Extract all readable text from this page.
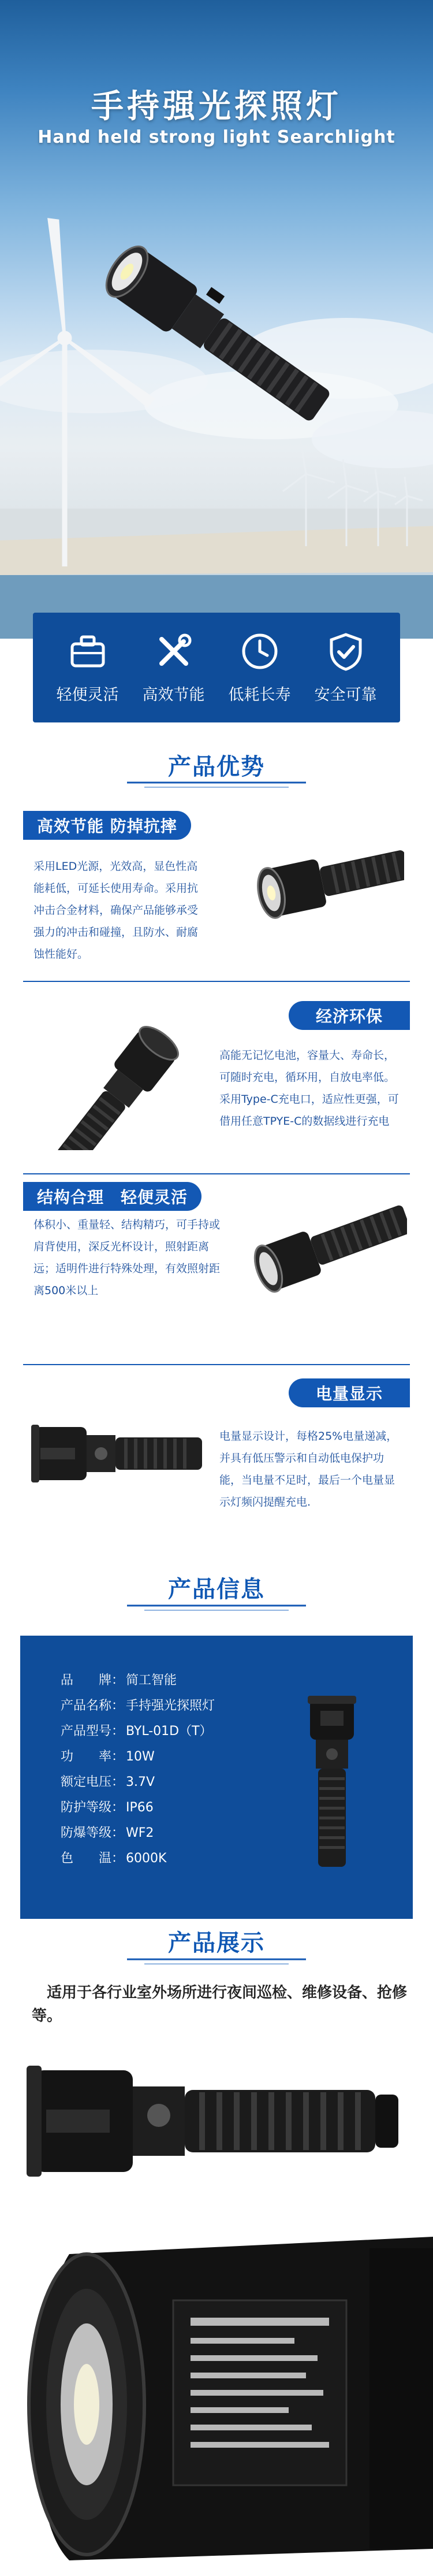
手持强光探照灯
Hand held strong light Searchlight
轻便灵活 高效节能 低耗长寿 安全可靠
产品优势
高效节能 防掉抗摔
采用LED光源，光效高，显色性高能耗低，可延长使用寿命。采用抗冲击合金材料，确保产品能够承受强力的冲击和碰撞，且防水、耐腐蚀性能好。
经济环保
高能无记忆电池，容量大、寿命长，可随时充电，循环用，自放电率低。采用Type-C充电口，适应性更强，可借用任意TPYE-C的数据线进行充电
结构合理　轻便灵活
体积小、重量轻、结构精巧，可手持或肩背使用，深反光杯设计，照射距离远；适明件进行特殊处理，有效照射距离500米以上
电量显示
电量显示设计，每格25%电量递减，并具有低压警示和自动低电保护功能，当电量不足时，最后一个电量显示灯频闪提醒充电.
产品信息
品　　牌： 简工智能
产品名称： 手持强光探照灯
产品型号： BYL-01D（T）
功　　率： 10W
额定电压： 3.7V
防护等级： IP66
防爆等级： WF2
色　　温： 6000K
产品展示
适用于各行业室外场所进行夜间巡检、维修设备、抢修等。
